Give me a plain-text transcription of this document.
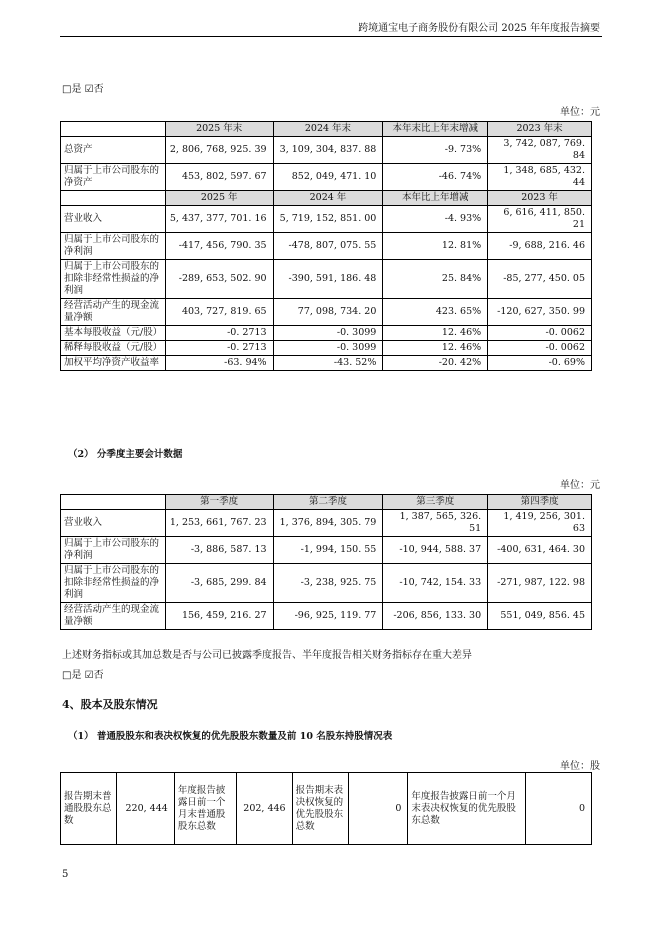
跨境通宝电子商务股份有限公司 2025 年年度报告摘要
□是 ☑否
单位：元
	2025 年末	2024 年末	本年末比上年末增减	2023 年末
总资产	2, 806, 768, 925. 39	3, 109, 304, 837. 88	-9. 73%	3, 742, 087, 769. 84
归属于上市公司股东的净资产	453, 802, 597. 67	852, 049, 471. 10	-46. 74%	1, 348, 685, 432. 44
	2025 年	2024 年	本年比上年增减	2023 年
营业收入	5, 437, 377, 701. 16	5, 719, 152, 851. 00	-4. 93%	6, 616, 411, 850. 21
归属于上市公司股东的净利润	-417, 456, 790. 35	-478, 807, 075. 55	12. 81%	-9, 688, 216. 46
归属于上市公司股东的扣除非经常性损益的净利润	-289, 653, 502. 90	-390, 591, 186. 48	25. 84%	-85, 277, 450. 05
经营活动产生的现金流量净额	403, 727, 819. 65	77, 098, 734. 20	423. 65%	-120, 627, 350. 99
基本每股收益（元/股）	-0. 2713	-0. 3099	12. 46%	-0. 0062
稀释每股收益（元/股）	-0. 2713	-0. 3099	12. 46%	-0. 0062
加权平均净资产收益率	-63. 94%	-43. 52%	-20. 42%	-0. 69%
（2） 分季度主要会计数据
单位：元
	第一季度	第二季度	第三季度	第四季度
营业收入	1, 253, 661, 767. 23	1, 376, 894, 305. 79	1, 387, 565, 326. 51	1, 419, 256, 301. 63
归属于上市公司股东的净利润	-3, 886, 587. 13	-1, 994, 150. 55	-10, 944, 588. 37	-400, 631, 464. 30
归属于上市公司股东的扣除非经常性损益的净利润	-3, 685, 299. 84	-3, 238, 925. 75	-10, 742, 154. 33	-271, 987, 122. 98
经营活动产生的现金流量净额	156, 459, 216. 27	-96, 925, 119. 77	-206, 856, 133. 30	551, 049, 856. 45
上述财务指标或其加总数是否与公司已披露季度报告、半年度报告相关财务指标存在重大差异
□是 ☑否
4、股本及股东情况
（1） 普通股股东和表决权恢复的优先股股东数量及前 10 名股东持股情况表
单位：股
报告期末普通股股东总数	220, 444	年度报告披露日前一个月末普通股股东总数	202, 446	报告期末表决权恢复的优先股股东总数	0	年度报告披露日前一个月末表决权恢复的优先股股东总数	0
5
